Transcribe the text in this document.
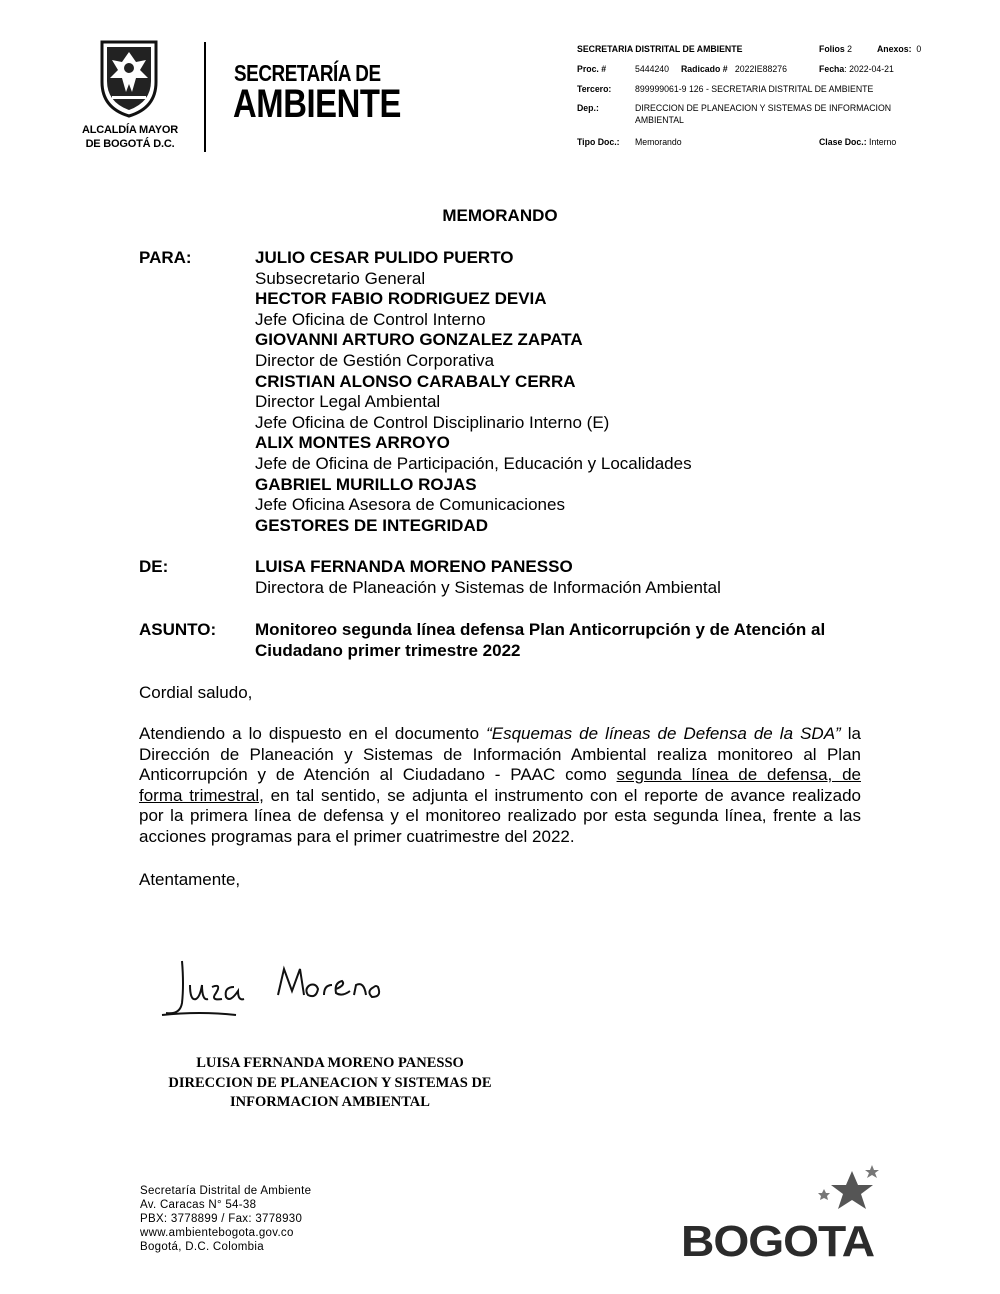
ALCALDÍA MAYOR
DE BOGOTÁ D.C.
SECRETARÍA DE
AMBIENTE
SECRETARIA DISTRITAL DE AMBIENTE	Folios 2	Anexos: 0
Proc. #	5444240 Radicado # 2022IE88276	Fecha: 2022-04-21
Tercero: 899999061-9 126 - SECRETARIA DISTRITAL DE AMBIENTE
Dep.:	DIRECCION DE PLANEACION Y SISTEMAS DE INFORMACION
AMBIENTAL
Tipo Doc.: Memorando	Clase Doc.: Interno
MEMORANDO
PARA:	JULIO CESAR PULIDO PUERTO
Subsecretario General
HECTOR FABIO RODRIGUEZ DEVIA
Jefe Oficina de Control Interno
GIOVANNI ARTURO GONZALEZ ZAPATA
Director de Gestión Corporativa
CRISTIAN ALONSO CARABALY CERRA
Director Legal Ambiental
Jefe Oficina de Control Disciplinario Interno (E)
ALIX MONTES ARROYO
Jefe de Oficina de Participación, Educación y Localidades
GABRIEL MURILLO ROJAS
Jefe Oficina Asesora de Comunicaciones
GESTORES DE INTEGRIDAD
DE:	LUISA FERNANDA MORENO PANESSO
Directora de Planeación y Sistemas de Información Ambiental
ASUNTO: Monitoreo segunda línea defensa Plan Anticorrupción y de Atención al
Ciudadano primer trimestre 2022
Cordial saludo,
Atendiendo a lo dispuesto en el documento “Esquemas de líneas de Defensa de la SDA” la
Dirección de Planeación y Sistemas de Información Ambiental realiza monitoreo al Plan
Anticorrupción y de Atención al Ciudadano - PAAC como segunda línea de defensa, de
forma trimestral, en tal sentido, se adjunta el instrumento con el reporte de avance realizado
por la primera línea de defensa y el monitoreo realizado por esta segunda línea, frente a las
acciones programas para el primer cuatrimestre del 2022.
Atentamente,
LUISA FERNANDA MORENO PANESSO
DIRECCION DE PLANEACION Y SISTEMAS DE
INFORMACION AMBIENTAL
Secretaría Distrital de Ambiente
Av. Caracas N° 54-38
PBX: 3778899 / Fax: 3778930
www.ambientebogota.gov.co
Bogotá, D.C. Colombia	BOGOTA
